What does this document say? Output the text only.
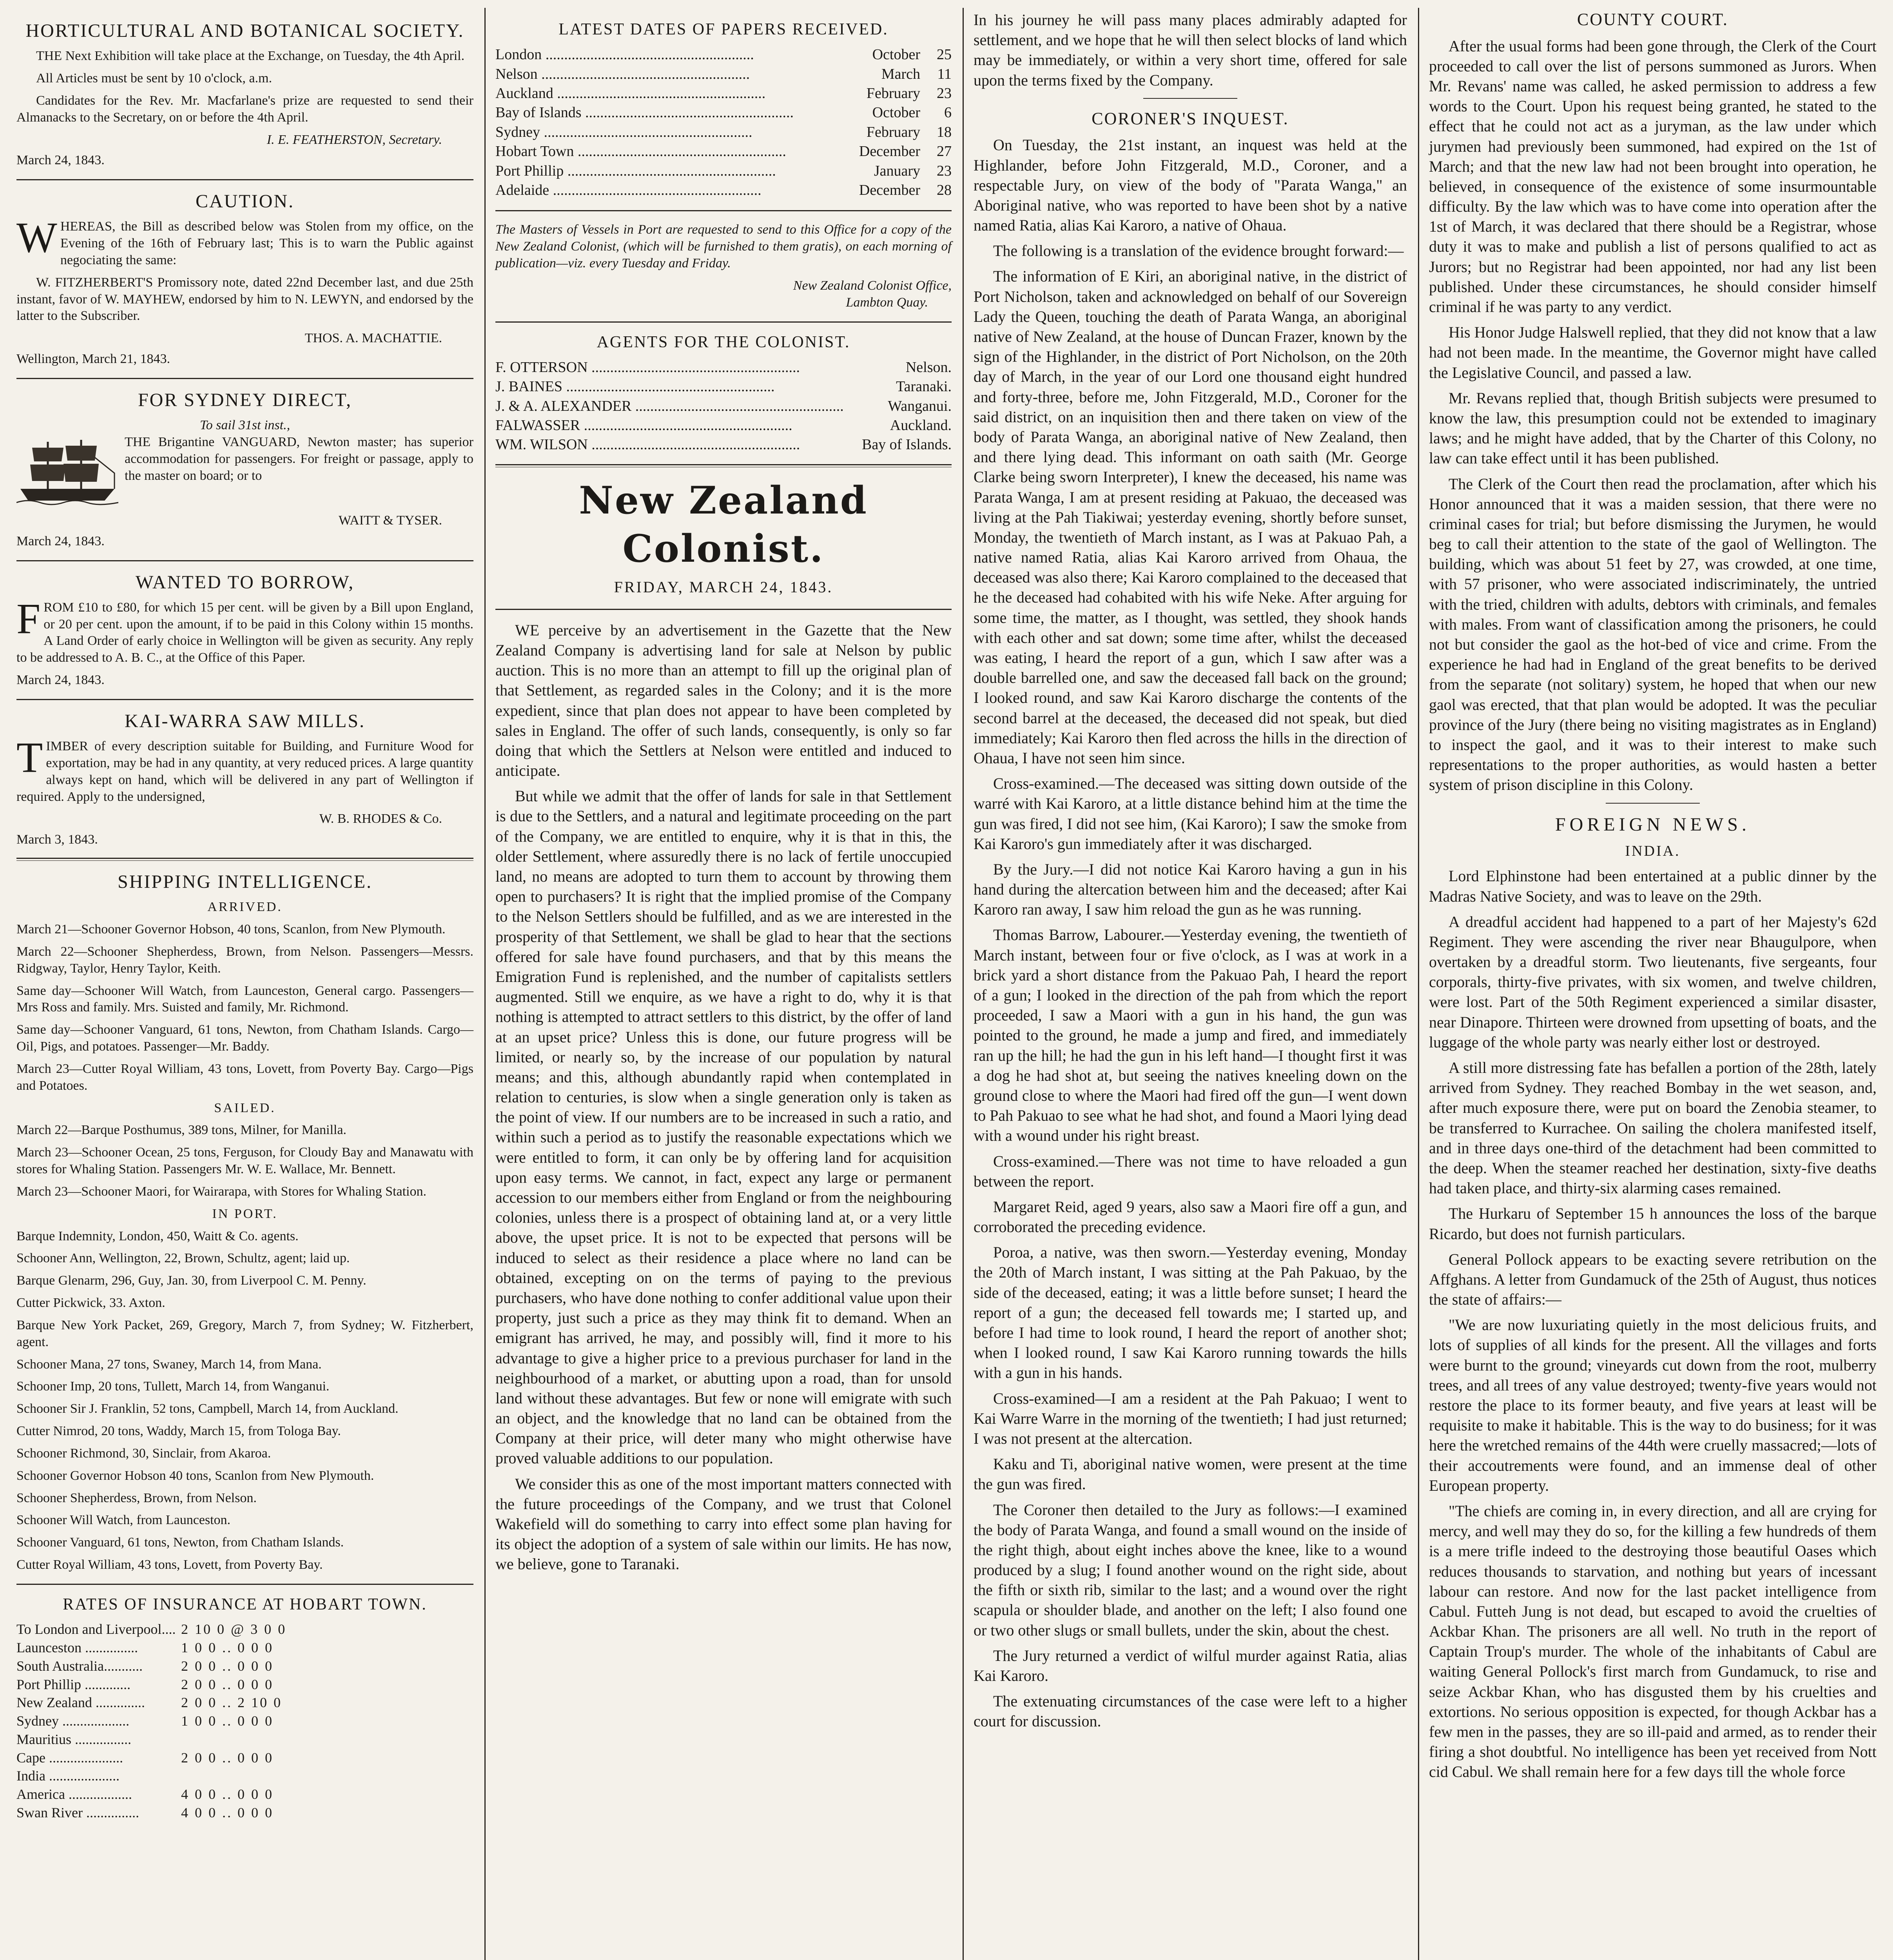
HORTICULTURAL AND BOTANICAL SOCIETY.

THE Next Exhibition will take place at the Exchange, on Tuesday, the 4th April.

All Articles must be sent by 10 o'clock, a.m.

Candidates for the Rev. Mr. Macfarlane's prize are requested to send their Almanacks to the Secretary, on or before the 4th April.

I. E. FEATHERSTON, Secretary.
March 24, 1843.
CAUTION.

WHEREAS, the Bill as described below was Stolen from my office, on the Evening of the 16th of February last; This is to warn the Public against negociating the same:

W. FITZHERBERT'S Promissory note, dated 22nd December last, and due 25th instant, favor of W. MAYHEW, endorsed by him to N. LEWYN, and endorsed by the latter to the Subscriber.

THOS. A. MACHATTIE.
Wellington, March 21, 1843.
FOR SYDNEY DIRECT,
To sail 31st inst.,

THE Brigantine VANGUARD, Newton master; has superior accommodation for passengers. For freight or passage, apply to the master on board; or to

WAITT & TYSER.
March 24, 1843.
WANTED TO BORROW,

FROM £10 to £80, for which 15 per cent. will be given by a Bill upon England, or 20 per cent. upon the amount, if to be paid in this Colony within 15 months. A Land Order of early choice in Wellington will be given as security. Any reply to be addressed to A. B. C., at the Office of this Paper.

March 24, 1843.
KAI-WARRA SAW MILLS.

TIMBER of every description suitable for Building, and Furniture Wood for exportation, may be had in any quantity, at very reduced prices. A large quantity always kept on hand, which will be delivered in any part of Wellington if required. Apply to the undersigned,

W. B. RHODES & Co.
March 3, 1843.
SHIPPING INTELLIGENCE.
ARRIVED.

March 21—Schooner Governor Hobson, 40 tons, Scanlon, from New Plymouth.

March 22—Schooner Shepherdess, Brown, from Nelson. Passengers—Messrs. Ridgway, Taylor, Henry Taylor, Keith.

Same day—Schooner Will Watch, from Launceston, General cargo. Passengers—Mrs Ross and family. Mrs. Suisted and family, Mr. Richmond.

Same day—Schooner Vanguard, 61 tons, Newton, from Chatham Islands. Cargo—Oil, Pigs, and potatoes. Passenger—Mr. Baddy.

March 23—Cutter Royal William, 43 tons, Lovett, from Poverty Bay. Cargo—Pigs and Potatoes.

SAILED.

March 22—Barque Posthumus, 389 tons, Milner, for Manilla.

March 23—Schooner Ocean, 25 tons, Ferguson, for Cloudy Bay and Manawatu with stores for Whaling Station. Passengers Mr. W. E. Wallace, Mr. Bennett.

March 23—Schooner Maori, for Wairarapa, with Stores for Whaling Station.

IN PORT.

Barque Indemnity, London, 450, Waitt & Co. agents.

Schooner Ann, Wellington, 22, Brown, Schultz, agent; laid up.

Barque Glenarm, 296, Guy, Jan. 30, from Liverpool C. M. Penny.

Cutter Pickwick, 33. Axton.

Barque New York Packet, 269, Gregory, March 7, from Sydney; W. Fitzherbert, agent.

Schooner Mana, 27 tons, Swaney, March 14, from Mana.

Schooner Imp, 20 tons, Tullett, March 14, from Wanganui.

Schooner Sir J. Franklin, 52 tons, Campbell, March 14, from Auckland.

Cutter Nimrod, 20 tons, Waddy, March 15, from Tologa Bay.

Schooner Richmond, 30, Sinclair, from Akaroa.

Schooner Governor Hobson 40 tons, Scanlon from New Plymouth.

Schooner Shepherdess, Brown, from Nelson.

Schooner Will Watch, from Launceston.

Schooner Vanguard, 61 tons, Newton, from Chatham Islands.

Cutter Royal William, 43 tons, Lovett, from Poverty Bay.

RATES OF INSURANCE AT HOBART TOWN.
To London and Liverpool.... 2 10 0 @ 3 0 0
Launceston ...............	1 0 0 .. 0 0 0
South Australia...........	2 0 0 .. 0 0 0
Port Phillip .............	2 0 0 .. 0 0 0
New Zealand ..............	2 0 0 .. 2 10 0
Sydney ...................	1 0 0 .. 0 0 0
Mauritius ................
Cape .....................	2 0 0 .. 0 0 0
India ....................
America ..................	4 0 0 .. 0 0 0
Swan River ...............	4 0 0 .. 0 0 0
LATEST DATES OF PAPERS RECEIVED.
London .....	October	25
Nelson .....	March	11
Auckland .....	February	23
Bay of Islands .....	October	6
Sydney .....	February	18
Hobart Town .....	December	27
Port Phillip .....	January	23
Adelaide .....	December	28

The Masters of Vessels in Port are requested to send to this Office for a copy of the New Zealand Colonist, (which will be furnished to them gratis), on each morning of publication—viz. every Tuesday and Friday.

New Zealand Colonist Office,
Lambton Quay.
AGENTS FOR THE COLONIST.
F. OTTERSON .....	Nelson.
J. BAINES .....	Taranaki.
J. & A. ALEXANDER .....	Wanganui.
FALWASSER .....	Auckland.
WM. WILSON .....	Bay of Islands.
New Zealand Colonist.
FRIDAY, MARCH 24, 1843.

WE perceive by an advertisement in the Gazette that the New Zealand Company is advertising land for sale at Nelson by public auction. This is no more than an attempt to fill up the original plan of that Settlement, as regarded sales in the Colony; and it is the more expedient, since that plan does not appear to have been completed by sales in England. The offer of such lands, consequently, is only so far doing that which the Settlers at Nelson were entitled and induced to anticipate.

But while we admit that the offer of lands for sale in that Settlement is due to the Settlers, and a natural and legitimate proceeding on the part of the Company, we are entitled to enquire, why it is that in this, the older Settlement, where assuredly there is no lack of fertile unoccupied land, no means are adopted to turn them to account by throwing them open to purchasers? It is right that the implied promise of the Company to the Nelson Settlers should be fulfilled, and as we are interested in the prosperity of that Settlement, we shall be glad to hear that the sections offered for sale have found purchasers, and that by this means the Emigration Fund is replenished, and the number of capitalists settlers augmented. Still we enquire, as we have a right to do, why it is that nothing is attempted to attract settlers to this district, by the offer of land at an upset price? Unless this is done, our future progress will be limited, or nearly so, by the increase of our population by natural means; and this, although abundantly rapid when contemplated in relation to centuries, is slow when a single generation only is taken as the point of view. If our numbers are to be increased in such a ratio, and within such a period as to justify the reasonable expectations which we were entitled to form, it can only be by offering land for acquisition upon easy terms. We cannot, in fact, expect any large or permanent accession to our members either from England or from the neighbouring colonies, unless there is a prospect of obtaining land at, or a very little above, the upset price. It is not to be expected that persons will be induced to select as their residence a place where no land can be obtained, excepting on on the terms of paying to the previous purchasers, who have done nothing to confer additional value upon their property, just such a price as they may think fit to demand. When an emigrant has arrived, he may, and possibly will, find it more to his advantage to give a higher price to a previous purchaser for land in the neighbourhood of a market, or abutting upon a road, than for unsold land without these advantages. But few or none will emigrate with such an object, and the knowledge that no land can be obtained from the Company at their price, will deter many who might otherwise have proved valuable additions to our population.

We consider this as one of the most important matters connected with the future proceedings of the Company, and we trust that Colonel Wakefield will do something to carry into effect some plan having for its object the adoption of a system of sale within our limits. He has now, we believe, gone to Taranaki.

In his journey he will pass many places admirably adapted for settlement, and we hope that he will then select blocks of land which may be immediately, or within a very short time, offered for sale upon the terms fixed by the Company.

CORONER'S INQUEST.

On Tuesday, the 21st instant, an inquest was held at the Highlander, before John Fitzgerald, M.D., Coroner, and a respectable Jury, on view of the body of "Parata Wanga," an Aboriginal native, who was reported to have been shot by a native named Ratia, alias Kai Karoro, a native of Ohaua.

The following is a translation of the evidence brought forward:—

The information of E Kiri, an aboriginal native, in the district of Port Nicholson, taken and acknowledged on behalf of our Sovereign Lady the Queen, touching the death of Parata Wanga, an aboriginal native of New Zealand, at the house of Duncan Frazer, known by the sign of the Highlander, in the district of Port Nicholson, on the 20th day of March, in the year of our Lord one thousand eight hundred and forty-three, before me, John Fitzgerald, M.D., Coroner for the said district, on an inquisition then and there taken on view of the body of Parata Wanga, an aboriginal native of New Zealand, then and there lying dead. This informant on oath saith (Mr. George Clarke being sworn Interpreter), I knew the deceased, his name was Parata Wanga, I am at present residing at Pakuao, the deceased was living at the Pah Tiakiwai; yesterday evening, shortly before sunset, Monday, the twentieth of March instant, as I was at Pakuao Pah, a native named Ratia, alias Kai Karoro arrived from Ohaua, the deceased was also there; Kai Karoro complained to the deceased that he the deceased had cohabited with his wife Neke. After arguing for some time, the matter, as I thought, was settled, they shook hands with each other and sat down; some time after, whilst the deceased was eating, I heard the report of a gun, which I saw after was a double barrelled one, and saw the deceased fall back on the ground; I looked round, and saw Kai Karoro discharge the contents of the second barrel at the deceased, the deceased did not speak, but died immediately; Kai Karoro then fled across the hills in the direction of Ohaua, I have not seen him since.

Cross-examined.—The deceased was sitting down outside of the warré with Kai Karoro, at a little distance behind him at the time the gun was fired, I did not see him, (Kai Karoro); I saw the smoke from Kai Karoro's gun immediately after it was discharged.

By the Jury.—I did not notice Kai Karoro having a gun in his hand during the altercation between him and the deceased; after Kai Karoro ran away, I saw him reload the gun as he was running.

Thomas Barrow, Labourer.—Yesterday evening, the twentieth of March instant, between four or five o'clock, as I was at work in a brick yard a short distance from the Pakuao Pah, I heard the report of a gun; I looked in the direction of the pah from which the report proceeded, I saw a Maori with a gun in his hand, the gun was pointed to the ground, he made a jump and fired, and immediately ran up the hill; he had the gun in his left hand—I thought first it was a dog he had shot at, but seeing the natives kneeling down on the ground close to where the Maori had fired off the gun—I went down to Pah Pakuao to see what he had shot, and found a Maori lying dead with a wound under his right breast.

Cross-examined.—There was not time to have reloaded a gun between the report.

Margaret Reid, aged 9 years, also saw a Maori fire off a gun, and corroborated the preceding evidence.

Poroa, a native, was then sworn.—Yesterday evening, Monday the 20th of March instant, I was sitting at the Pah Pakuao, by the side of the deceased, eating; it was a little before sunset; I heard the report of a gun; the deceased fell towards me; I started up, and before I had time to look round, I heard the report of another shot; when I looked round, I saw Kai Karoro running towards the hills with a gun in his hands.

Cross-examined—I am a resident at the Pah Pakuao; I went to Kai Warre Warre in the morning of the twentieth; I had just returned; I was not present at the altercation.

Kaku and Ti, aboriginal native women, were present at the time the gun was fired.

The Coroner then detailed to the Jury as follows:—I examined the body of Parata Wanga, and found a small wound on the inside of the right thigh, about eight inches above the knee, like to a wound produced by a slug; I found another wound on the right side, about the fifth or sixth rib, similar to the last; and a wound over the right scapula or shoulder blade, and another on the left; I also found one or two other slugs or small bullets, under the skin, about the chest.

The Jury returned a verdict of wilful murder against Ratia, alias Kai Karoro.

The extenuating circumstances of the case were left to a higher court for discussion.

COUNTY COURT.

After the usual forms had been gone through, the Clerk of the Court proceeded to call over the list of persons summoned as Jurors. When Mr. Revans' name was called, he asked permission to address a few words to the Court. Upon his request being granted, he stated to the effect that he could not act as a juryman, as the law under which jurymen had previously been summoned, had expired on the 1st of March; and that the new law had not been brought into operation, he believed, in consequence of the existence of some insurmountable difficulty. By the law which was to have come into operation after the 1st of March, it was declared that there should be a Registrar, whose duty it was to make and publish a list of persons qualified to act as Jurors; but no Registrar had been appointed, nor had any list been published. Under these circumstances, he should consider himself criminal if he was party to any verdict.

His Honor Judge Halswell replied, that they did not know that a law had not been made. In the meantime, the Governor might have called the Legislative Council, and passed a law.

Mr. Revans replied that, though British subjects were presumed to know the law, this presumption could not be extended to imaginary laws; and he might have added, that by the Charter of this Colony, no law can take effect until it has been published.

The Clerk of the Court then read the proclamation, after which his Honor announced that it was a maiden session, that there were no criminal cases for trial; but before dismissing the Jurymen, he would beg to call their attention to the state of the gaol of Wellington. The building, which was about 51 feet by 27, was crowded, at one time, with 57 prisoner, who were associated indiscriminately, the untried with the tried, children with adults, debtors with criminals, and females with males. From want of classification among the prisoners, he could not but consider the gaol as the hot-bed of vice and crime. From the experience he had had in England of the great benefits to be derived from the separate (not solitary) system, he hoped that when our new gaol was erected, that that plan would be adopted. It was the peculiar province of the Jury (there being no visiting magistrates as in England) to inspect the gaol, and it was to their interest to make such representations to the proper authorities, as would hasten a better system of prison discipline in this Colony.

FOREIGN NEWS.
INDIA.

Lord Elphinstone had been entertained at a public dinner by the Madras Native Society, and was to leave on the 29th.

A dreadful accident had happened to a part of her Majesty's 62d Regiment. They were ascending the river near Bhaugulpore, when overtaken by a dreadful storm. Two lieutenants, five sergeants, four corporals, thirty-five privates, with six women, and twelve children, were lost. Part of the 50th Regiment experienced a similar disaster, near Dinapore. Thirteen were drowned from upsetting of boats, and the luggage of the whole party was nearly either lost or destroyed.

A still more distressing fate has befallen a portion of the 28th, lately arrived from Sydney. They reached Bombay in the wet season, and, after much exposure there, were put on board the Zenobia steamer, to be transferred to Kurrachee. On sailing the cholera manifested itself, and in three days one-third of the detachment had been committed to the deep. When the steamer reached her destination, sixty-five deaths had taken place, and thirty-six alarming cases remained.

The Hurkaru of September 15 h announces the loss of the barque Ricardo, but does not furnish particulars.

General Pollock appears to be exacting severe retribution on the Affghans. A letter from Gundamuck of the 25th of August, thus notices the state of affairs:—

"We are now luxuriating quietly in the most delicious fruits, and lots of supplies of all kinds for the present. All the villages and forts were burnt to the ground; vineyards cut down from the root, mulberry trees, and all trees of any value destroyed; twenty-five years would not restore the place to its former beauty, and five years at least will be requisite to make it habitable. This is the way to do business; for it was here the wretched remains of the 44th were cruelly massacred;—lots of their accoutrements were found, and an immense deal of other European property.

"The chiefs are coming in, in every direction, and all are crying for mercy, and well may they do so, for the killing a few hundreds of them is a mere trifle indeed to the destroying those beautiful Oases which reduces thousands to starvation, and nothing but years of incessant labour can restore. And now for the last packet intelligence from Cabul. Futteh Jung is not dead, but escaped to avoid the cruelties of Ackbar Khan. The prisoners are all well. No truth in the report of Captain Troup's murder. The whole of the inhabitants of Cabul are waiting General Pollock's first march from Gundamuck, to rise and seize Ackbar Khan, who has disgusted them by his cruelties and extortions. No serious opposition is expected, for though Ackbar has a few men in the passes, they are so ill-paid and armed, as to render their firing a shot doubtful. No intelligence has been yet received from Nott cid Cabul. We shall remain here for a few days till the whole force
